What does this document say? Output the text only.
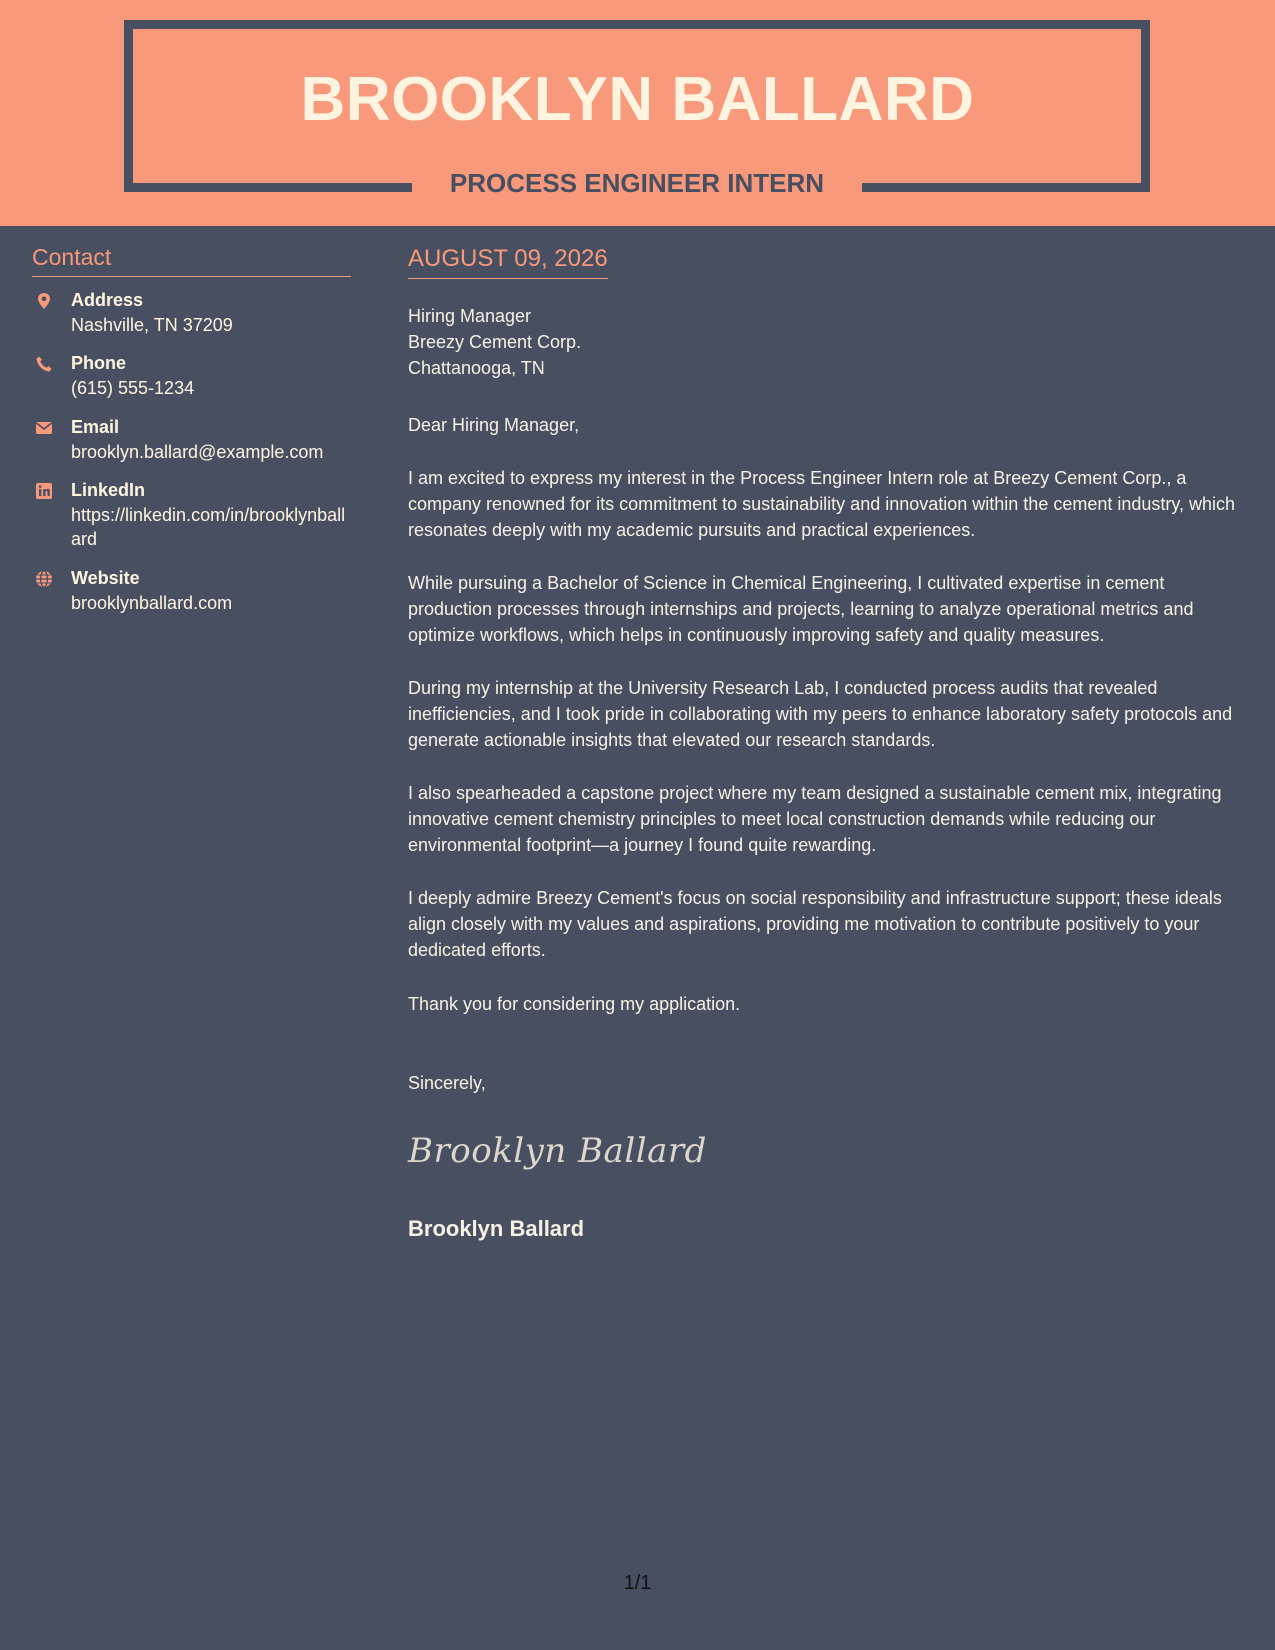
BROOKLYN BALLARD
PROCESS ENGINEER INTERN
Contact
Address
Nashville, TN 37209
Phone
(615) 555-1234
Email
brooklyn.ballard@example.com
LinkedIn
https://linkedin.com/in/brooklynballard
Website
brooklynballard.com
AUGUST 09, 2026
Hiring Manager
Breezy Cement Corp.
Chattanooga, TN
Dear Hiring Manager,
I am excited to express my interest in the Process Engineer Intern role at Breezy Cement Corp., a company renowned for its commitment to sustainability and innovation within the cement industry, which resonates deeply with my academic pursuits and practical experiences.
While pursuing a Bachelor of Science in Chemical Engineering, I cultivated expertise in cement production processes through internships and projects, learning to analyze operational metrics and optimize workflows, which helps in continuously improving safety and quality measures.
During my internship at the University Research Lab, I conducted process audits that revealed inefficiencies, and I took pride in collaborating with my peers to enhance laboratory safety protocols and generate actionable insights that elevated our research standards.
I also spearheaded a capstone project where my team designed a sustainable cement mix, integrating innovative cement chemistry principles to meet local construction demands while reducing our environmental footprint—a journey I found quite rewarding.
I deeply admire Breezy Cement's focus on social responsibility and infrastructure support; these ideals align closely with my values and aspirations, providing me motivation to contribute positively to your dedicated efforts.
Thank you for considering my application.
Sincerely,
Brooklyn Ballard
Brooklyn Ballard
1/1
